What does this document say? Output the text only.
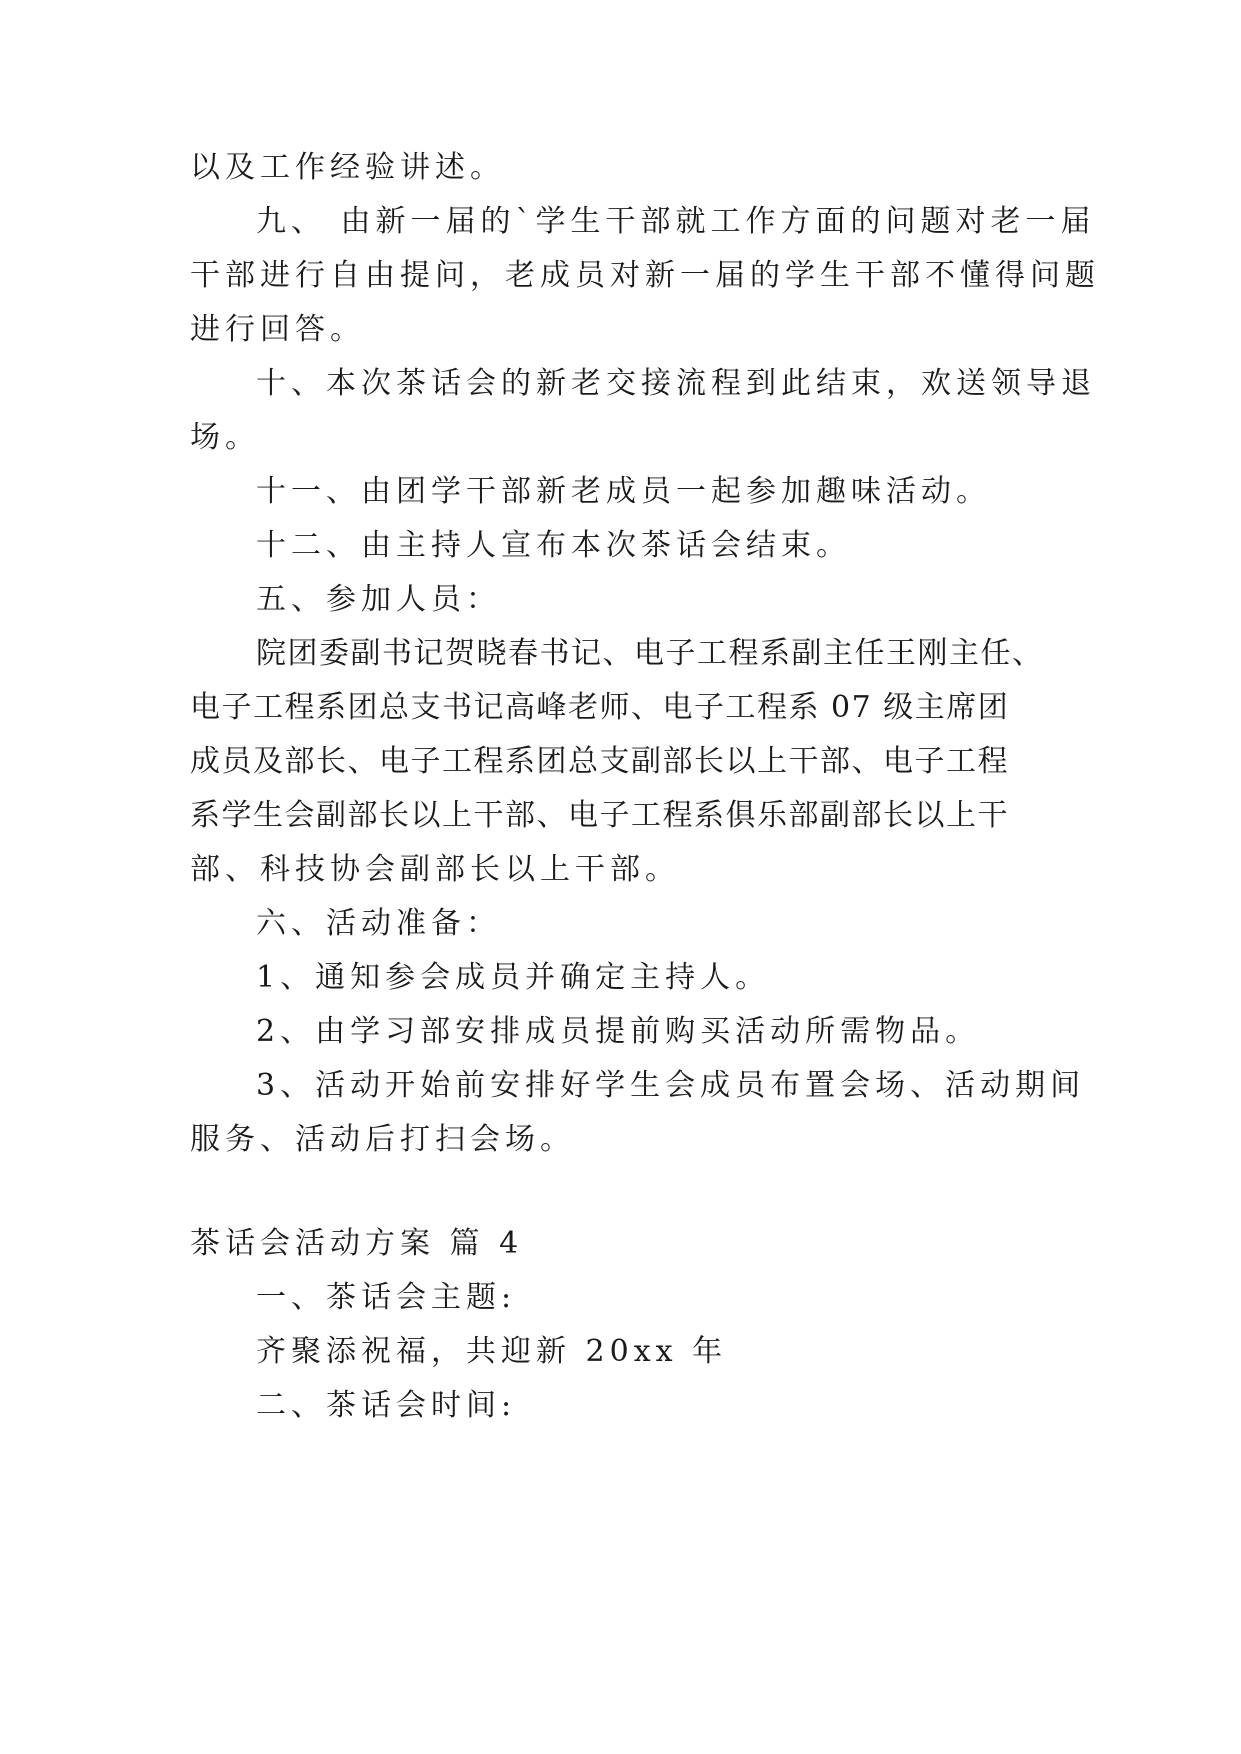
以及工作经验讲述。
九、 由新一届的`学生干部就工作方面的问题对老一届
干部进行自由提问，老成员对新一届的学生干部不懂得问题
进行回答。
十、本次茶话会的新老交接流程到此结束，欢送领导退
场。
十一、由团学干部新老成员一起参加趣味活动。
十二、由主持人宣布本次茶话会结束。
五、参加人员：
院团委副书记贺晓春书记、电子工程系副主任王刚主任、
电子工程系团总支书记高峰老师、电子工程系 07 级主席团
成员及部长、电子工程系团总支副部长以上干部、电子工程
系学生会副部长以上干部、电子工程系俱乐部副部长以上干
部、科技协会副部长以上干部。
六、活动准备：
1、通知参会成员并确定主持人。
2、由学习部安排成员提前购买活动所需物品。
3、活动开始前安排好学生会成员布置会场、活动期间
服务、活动后打扫会场。
茶话会活动方案 篇 4
一、茶话会主题:
齐聚添祝福，共迎新 20xx 年
二、茶话会时间:
